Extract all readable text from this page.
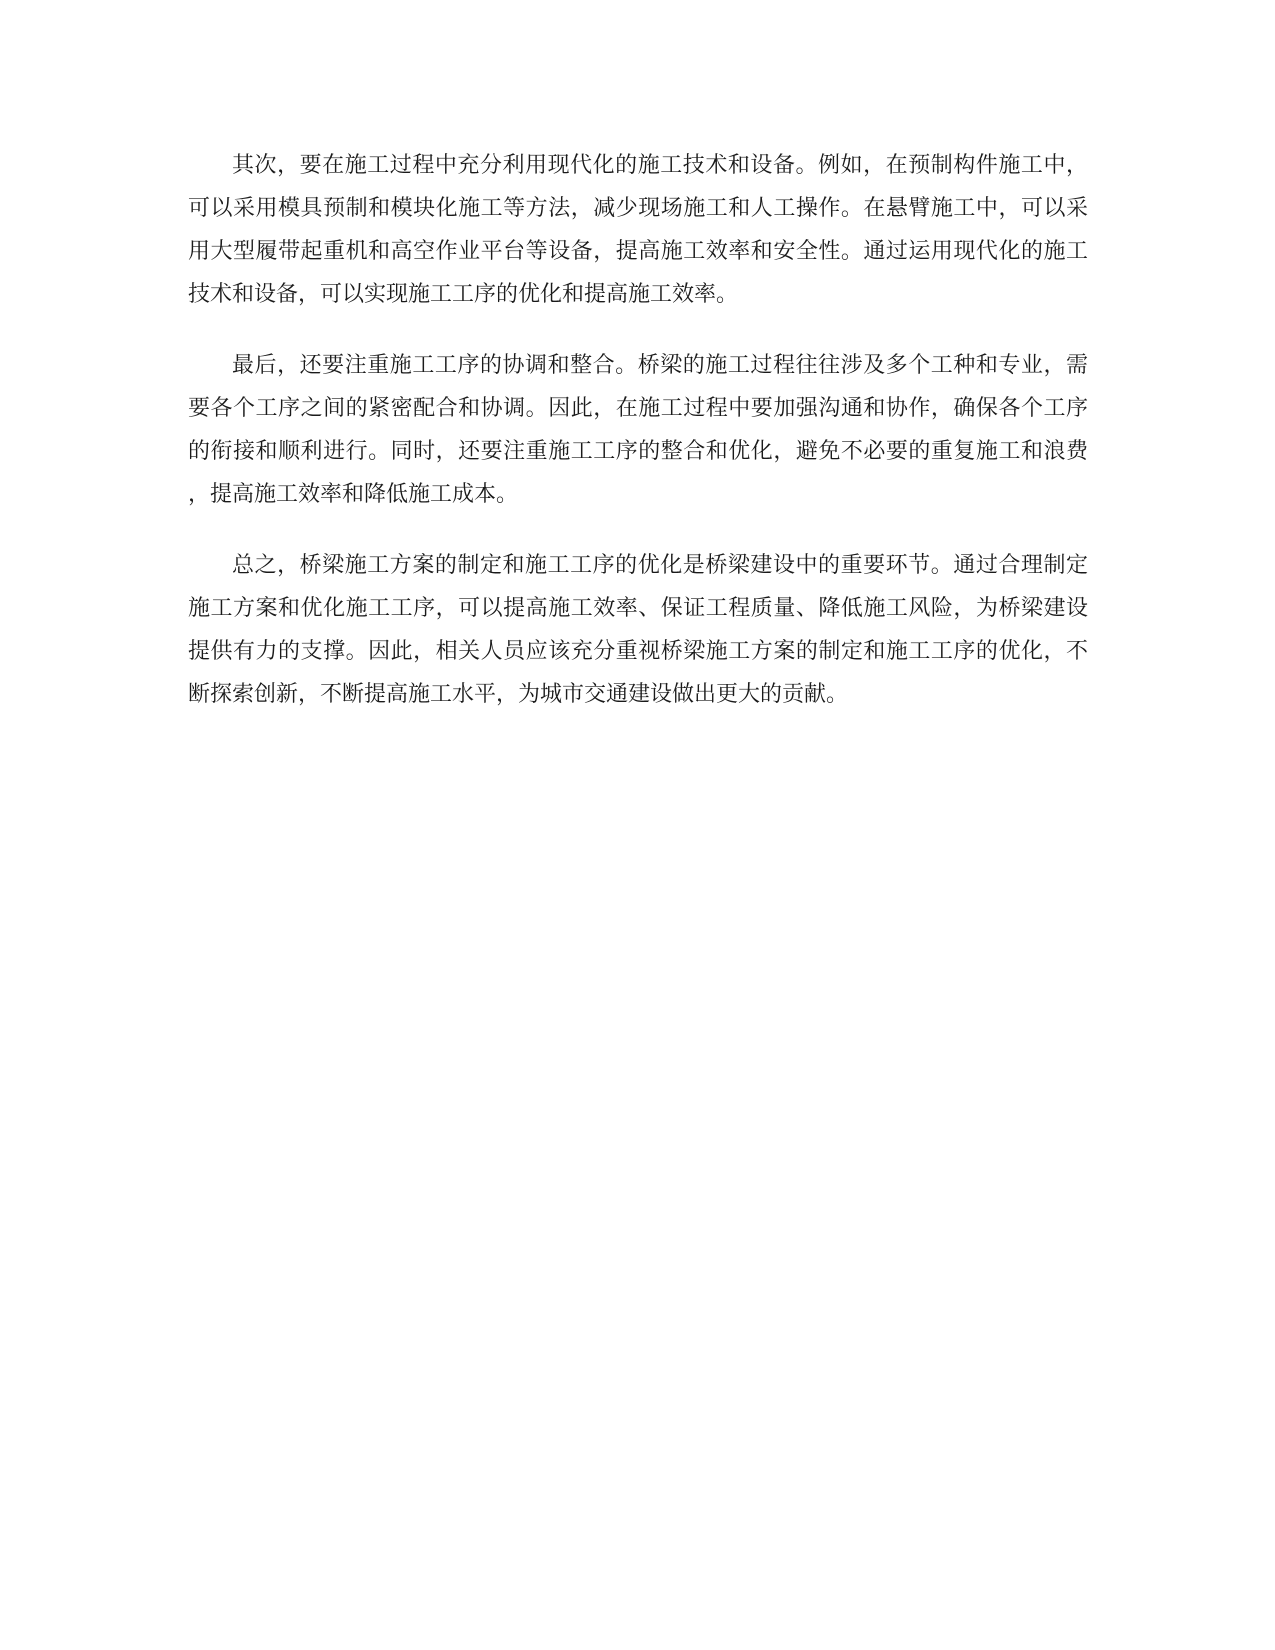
其次，要在施工过程中充分利用现代化的施工技术和设备。例如，在预制构件施工中，可以采用模具预制和模块化施工等方法，减少现场施工和人工操作。在悬臂施工中，可以采用大型履带起重机和高空作业平台等设备，提高施工效率和安全性。通过运用现代化的施工技术和设备，可以实现施工工序的优化和提高施工效率。

最后，还要注重施工工序的协调和整合。桥梁的施工过程往往涉及多个工种和专业，需要各个工序之间的紧密配合和协调。因此，在施工过程中要加强沟通和协作，确保各个工序的衔接和顺利进行。同时，还要注重施工工序的整合和优化，避免不必要的重复施工和浪费，提高施工效率和降低施工成本。

总之，桥梁施工方案的制定和施工工序的优化是桥梁建设中的重要环节。通过合理制定施工方案和优化施工工序，可以提高施工效率、保证工程质量、降低施工风险，为桥梁建设提供有力的支撑。因此，相关人员应该充分重视桥梁施工方案的制定和施工工序的优化，不断探索创新，不断提高施工水平，为城市交通建设做出更大的贡献。
